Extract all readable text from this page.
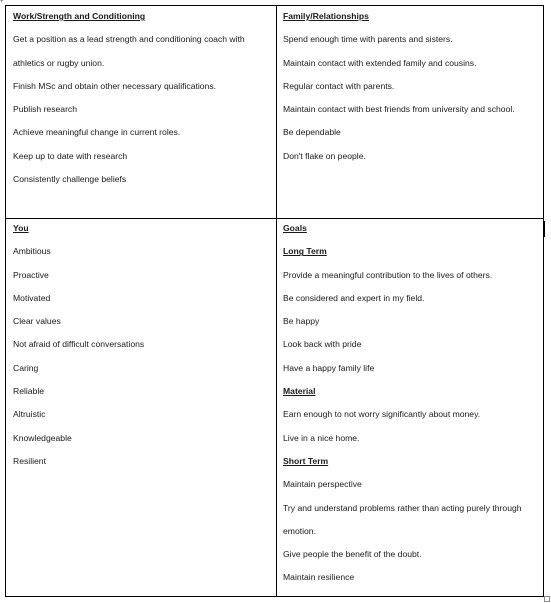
+
Work/Strength and Conditioning
Get a position as a lead strength and conditioning coach with
athletics or rugby union.
Finish MSc and obtain other necessary qualifications.
Publish research
Achieve meaningful change in current roles.
Keep up to date with research
Consistently challenge beliefs
Family/Relationships
Spend enough time with parents and sisters.
Maintain contact with extended family and cousins.
Regular contact with parents.
Maintain contact with best friends from university and school.
Be dependable
Don't flake on people.
You
Ambitious
Proactive
Motivated
Clear values
Not afraid of difficult conversations
Caring
Reliable
Altruistic
Knowledgeable
Resilient
Goals
Long Term
Provide a meaningful contribution to the lives of others.
Be considered and expert in my field.
Be happy
Look back with pride
Have a happy family life
Material
Earn enough to not worry significantly about money.
Live in a nice home.
Short Term
Maintain perspective
Try and understand problems rather than acting purely through
emotion.
Give people the benefit of the doubt.
Maintain resilience
